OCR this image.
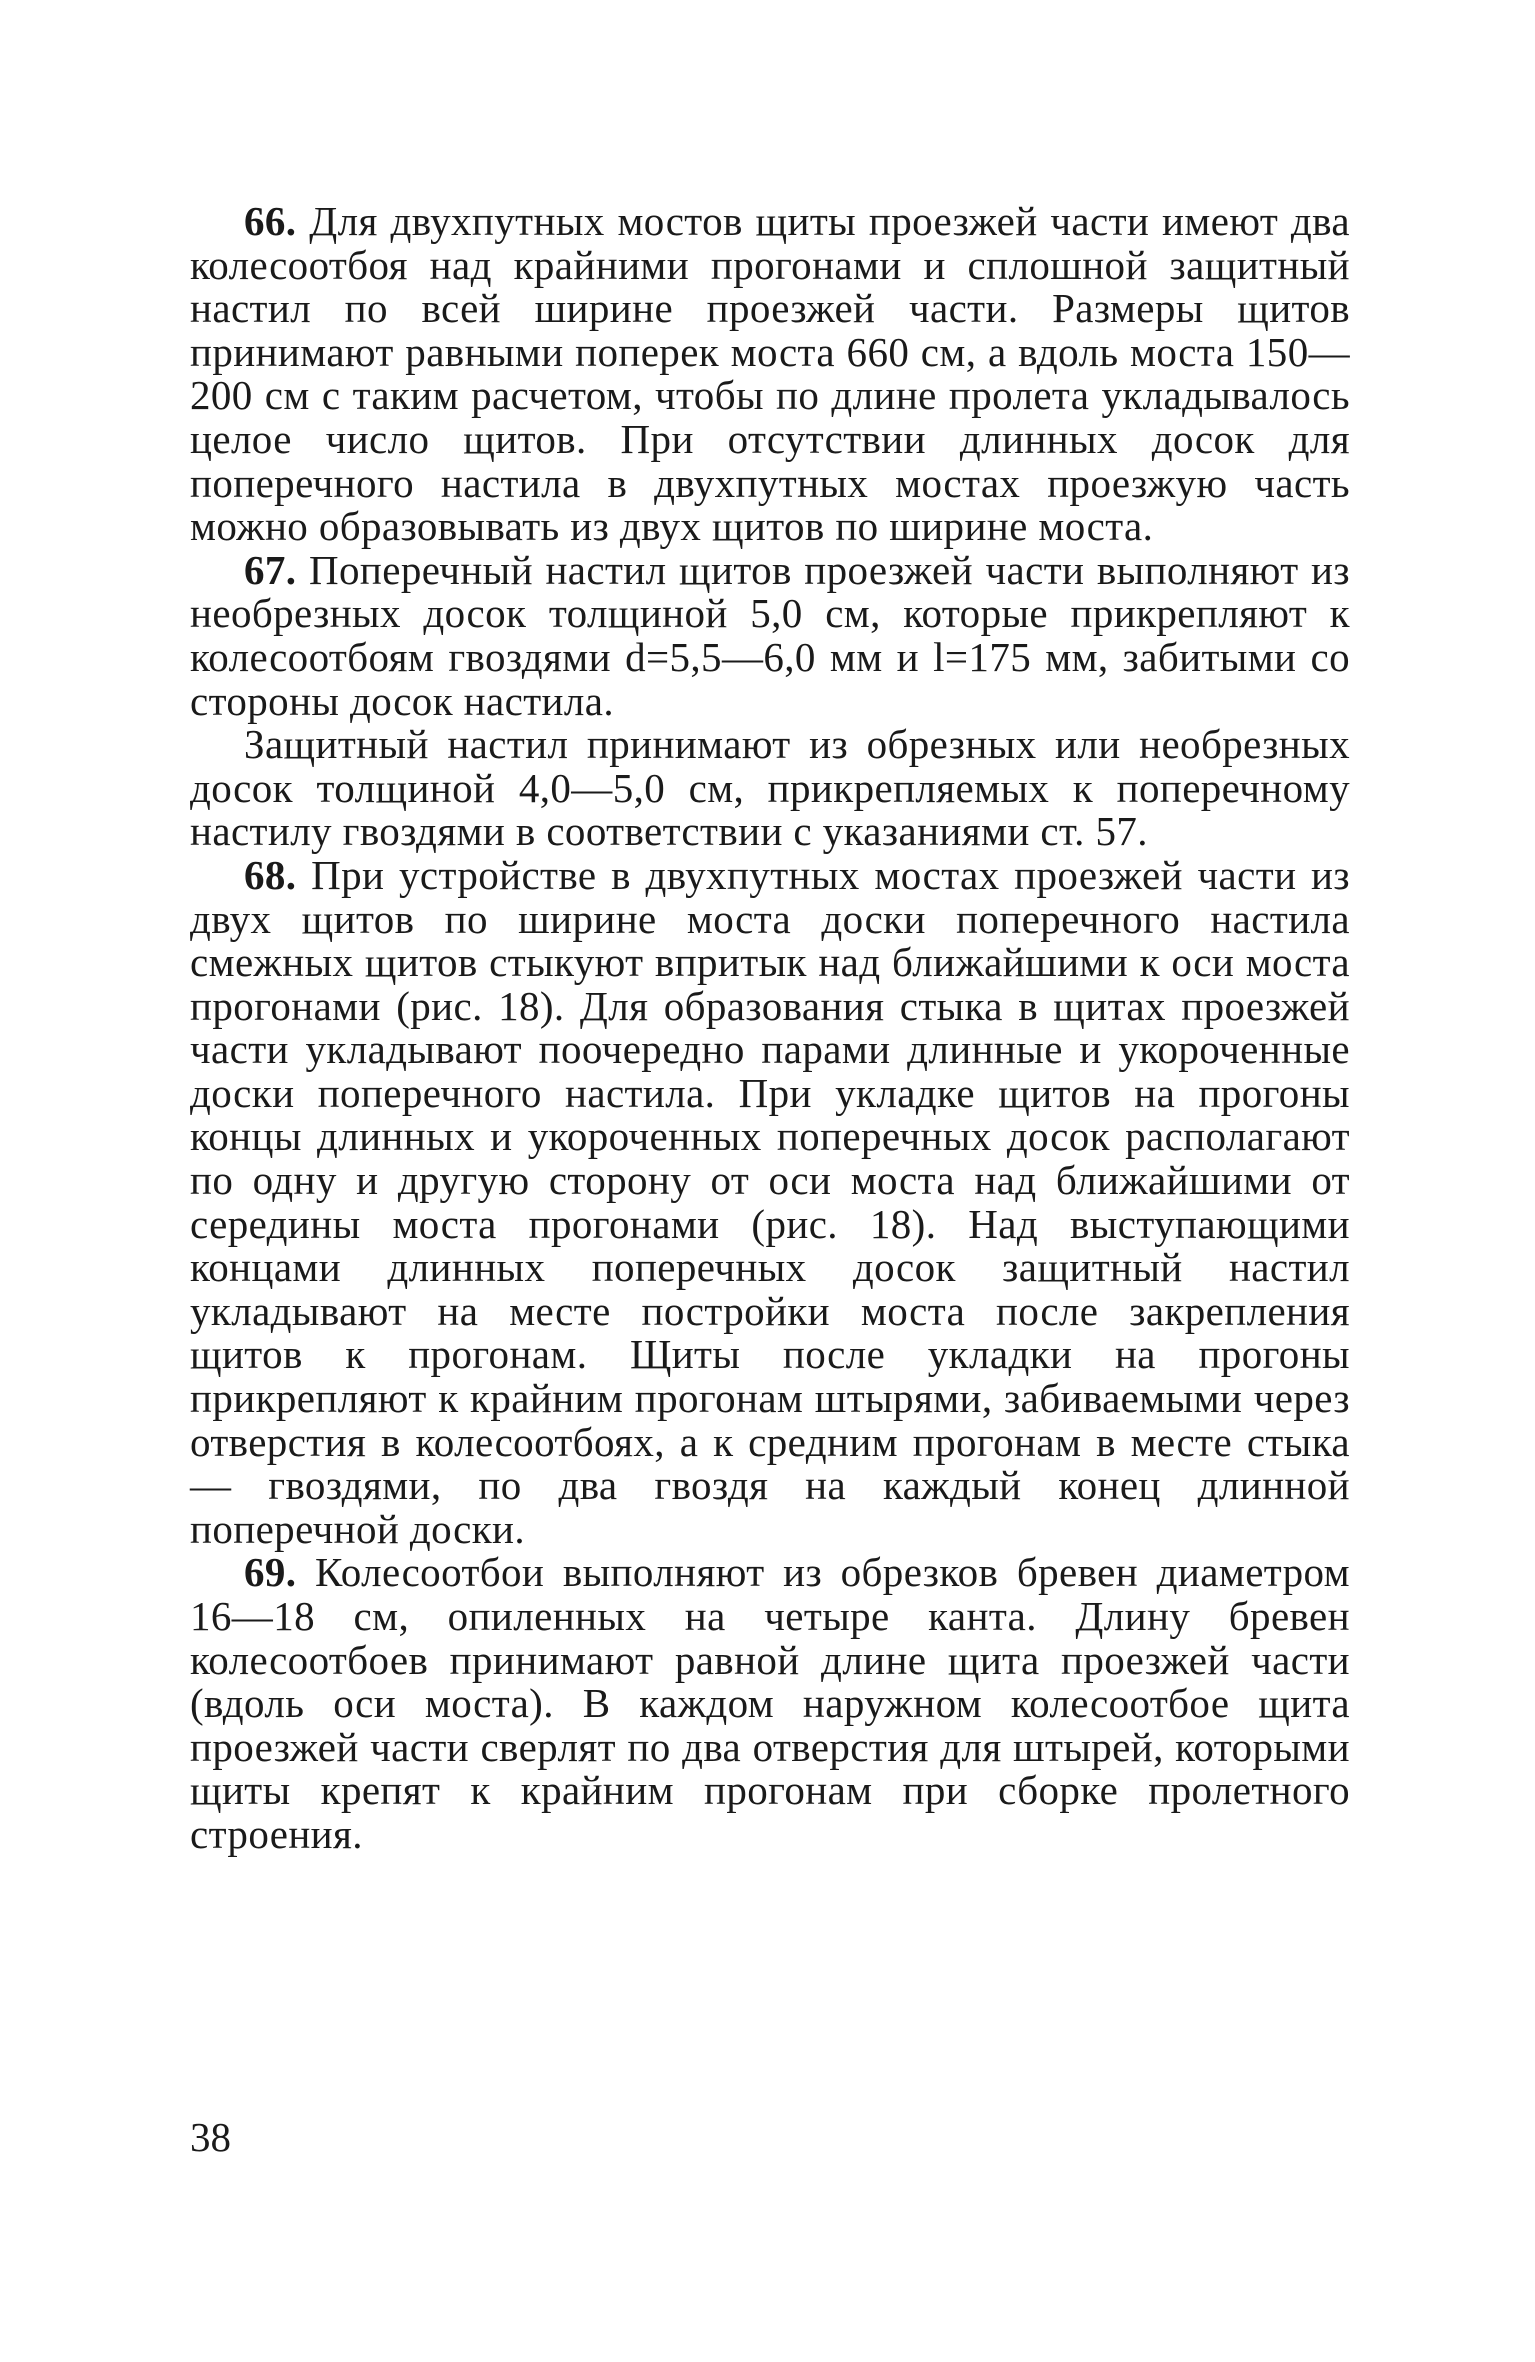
66. Для двухпутных мостов щиты проезжей части имеют два колесоотбоя над крайними прогонами и сплошной защитный настил по всей ширине проезжей части. Размеры щитов принимают равными поперек моста 660 см, а вдоль моста 150—200 см с таким расчетом, чтобы по длине пролета укладывалось целое число щитов. При отсутствии длинных досок для поперечного настила в двухпутных мостах проезжую часть можно образовывать из двух щитов по ширине моста.

67. Поперечный настил щитов проезжей части выполняют из необрезных досок толщиной 5,0 см, которые прикрепляют к колесоотбоям гвоздями d=5,5—6,0 мм и l=175 мм, забитыми со стороны досок настила.

Защитный настил принимают из обрезных или необрезных досок толщиной 4,0—5,0 см, прикрепляемых к поперечному настилу гвоздями в соответствии с указаниями ст. 57.

68. При устройстве в двухпутных мостах проезжей части из двух щитов по ширине моста доски поперечного настила смежных щитов стыкуют впритык над ближайшими к оси моста прогонами (рис. 18). Для образования стыка в щитах проезжей части укладывают поочередно парами длинные и укороченные доски поперечного настила. При укладке щитов на прогоны концы длинных и укороченных поперечных досок располагают по одну и другую сторону от оси моста над ближайшими от середины моста прогонами (рис. 18). Над выступающими концами длинных поперечных досок защитный настил укладывают на месте постройки моста после закрепления щитов к прогонам. Щиты после укладки на прогоны прикрепляют к крайним прогонам штырями, забиваемыми через отверстия в колесоотбоях, а к средним прогонам в месте стыка — гвоздями, по два гвоздя на каждый конец длинной поперечной доски.

69. Колесоотбои выполняют из обрезков бревен диаметром 16—18 см, опиленных на четыре канта. Длину бревен колесоотбоев принимают равной длине щита проезжей части (вдоль оси моста). В каждом наружном колесоотбое щита проезжей части сверлят по два отверстия для штырей, которыми щиты крепят к крайним прогонам при сборке пролетного строения.

38
